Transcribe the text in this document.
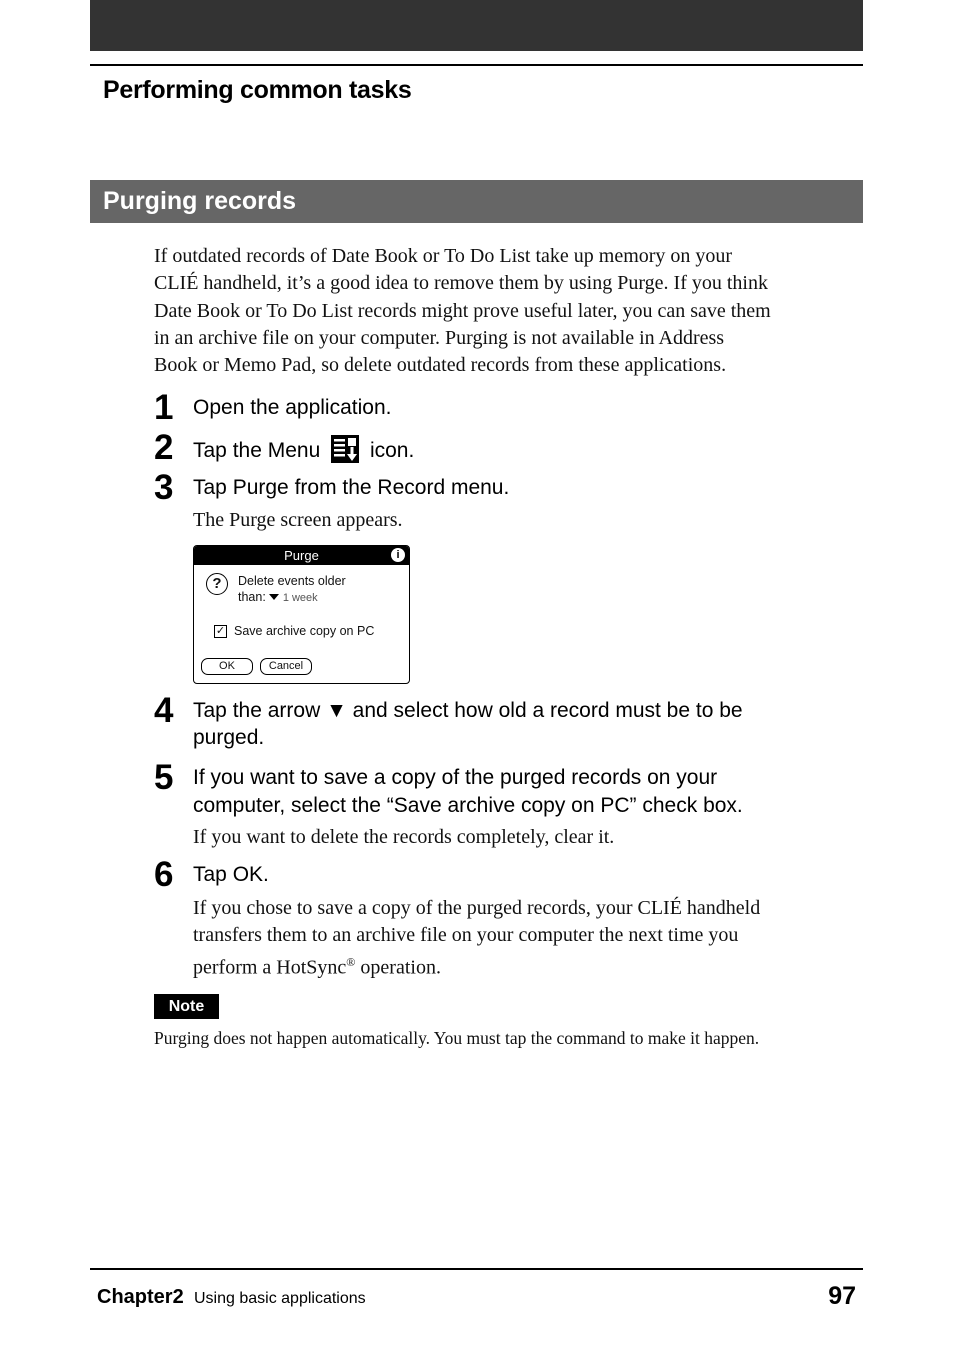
Performing common tasks
Purging records

If outdated records of Date Book or To Do List take up memory on your

CLIÉ handheld, it’s a good idea to remove them by using Purge. If you think

Date Book or To Do List records might prove useful later, you can save them

in an archive file on your computer. Purging is not available in Address

Book or Memo Pad, so delete outdated records from these applications.

1 Open the application.
2 Tap the Menu icon.
3 Tap Purge from the Record menu.
The Purge screen appears.
Purge	i
?	Delete events older
than: 1 week
✓ Save archive copy on PC
OK	Cancel
4 Tap the arrow ▼ and select how old a record must be to be
purged.
5 If you want to save a copy of the purged records on your
computer, select the “Save archive copy on PC” check box.
If you want to delete the records completely, clear it.
6 Tap OK.
If you chose to save a copy of the purged records, your CLIÉ handheld
transfers them to an archive file on your computer the next time you
perform a HotSync® operation.
Note
Purging does not happen automatically. You must tap the command to make it happen.
Chapter2 Using basic applications	97
